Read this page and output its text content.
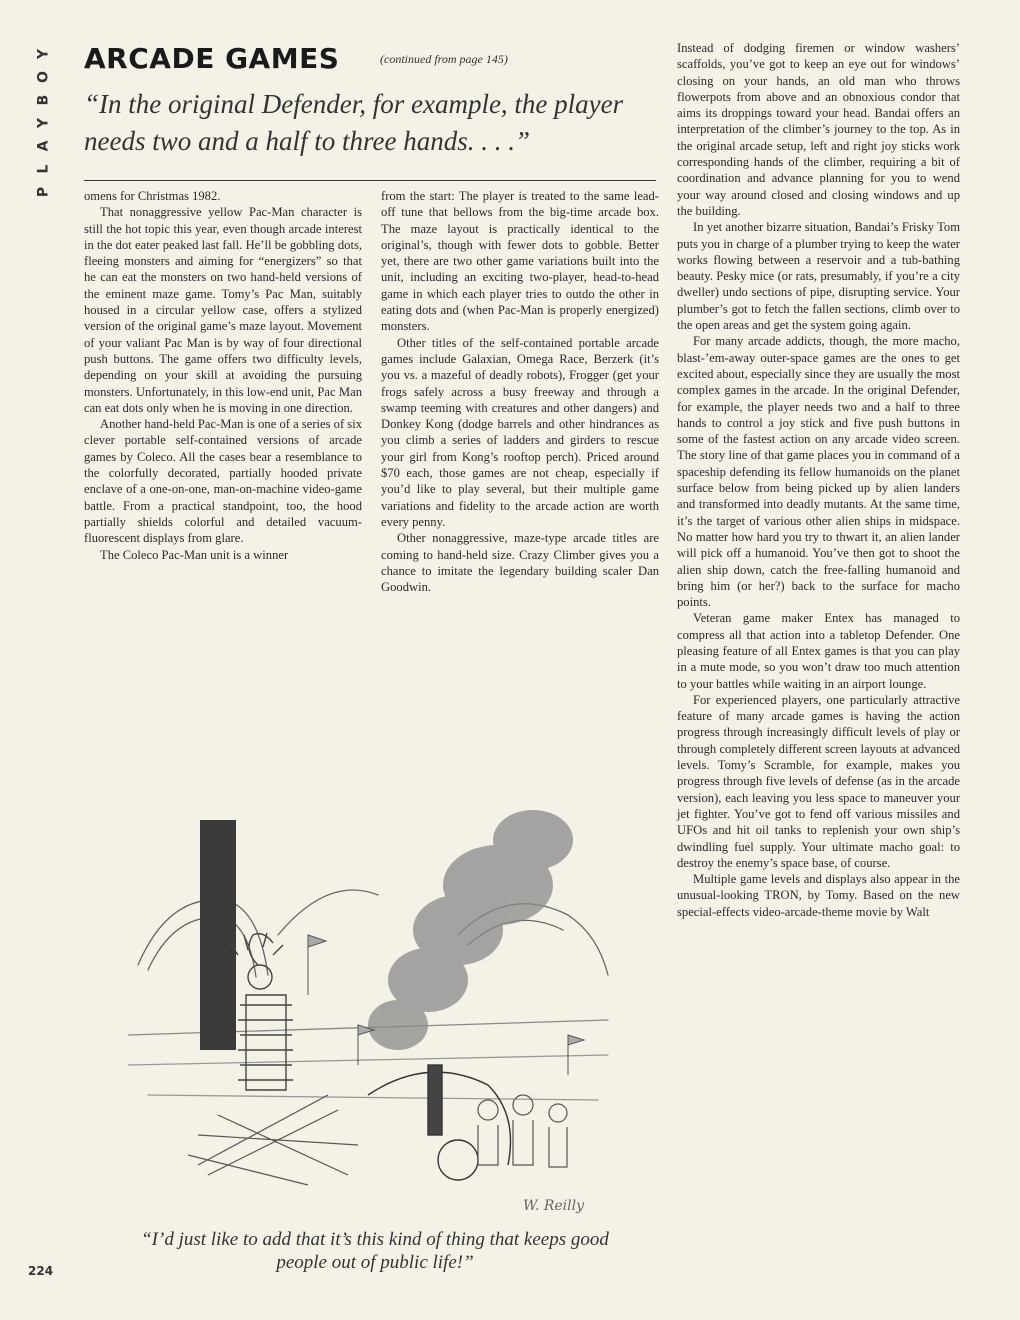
Y
O
B
Y
A
L
P
ARCADE GAMES	(continued from page 145)
“In the original Defender, for example, the player needs two and a half to three hands. . . .”

omens for Christmas 1982.

That nonaggressive yellow Pac-Man character is still the hot topic this year, even though arcade interest in the dot eater peaked last fall. He’ll be gobbling dots, fleeing monsters and aiming for “energizers” so that he can eat the monsters on two hand-held versions of the eminent maze game. Tomy’s Pac Man, suitably housed in a circular yellow case, offers a stylized version of the original game’s maze layout. Movement of your valiant Pac Man is by way of four directional push buttons. The game offers two difficulty levels, depending on your skill at avoiding the pursuing monsters. Unfortunately, in this low-end unit, Pac Man can eat dots only when he is moving in one direction.

Another hand-held Pac-Man is one of a series of six clever portable self-contained versions of arcade games by Coleco. All the cases bear a resemblance to the colorfully decorated, partially hooded private enclave of a one-on-one, man-on-machine video-game battle. From a practical standpoint, too, the hood partially shields colorful and detailed vacuum-fluorescent displays from glare.

The Coleco Pac-Man unit is a winner

from the start: The player is treated to the same lead-off tune that bellows from the big-time arcade box. The maze layout is practically identical to the original’s, though with fewer dots to gobble. Better yet, there are two other game variations built into the unit, including an exciting two-player, head-to-head game in which each player tries to outdo the other in eating dots and (when Pac-Man is properly energized) monsters.

Other titles of the self-contained portable arcade games include Galaxian, Omega Race, Berzerk (it’s you vs. a mazeful of deadly robots), Frogger (get your frogs safely across a busy freeway and through a swamp teeming with creatures and other dangers) and Donkey Kong (dodge barrels and other hindrances as you climb a series of ladders and girders to rescue your girl from Kong’s rooftop perch). Priced around $70 each, those games are not cheap, especially if you’d like to play several, but their multiple game variations and fidelity to the arcade action are worth every penny.

Other nonaggressive, maze-type arcade titles are coming to hand-held size. Crazy Climber gives you a chance to imitate the legendary building scaler Dan Goodwin.

Instead of dodging firemen or window washers’ scaffolds, you’ve got to keep an eye out for windows’ closing on your hands, an old man who throws flowerpots from above and an obnoxious condor that aims its droppings toward your head. Bandai offers an interpretation of the climber’s journey to the top. As in the original arcade setup, left and right joy sticks work corresponding hands of the climber, requiring a bit of coordination and advance planning for you to wend your way around closed and closing windows and up the building.

In yet another bizarre situation, Bandai’s Frisky Tom puts you in charge of a plumber trying to keep the water works flowing between a reservoir and a tub-bathing beauty. Pesky mice (or rats, presumably, if you’re a city dweller) undo sections of pipe, disrupting service. Your plumber’s got to fetch the fallen sections, climb over to the open areas and get the system going again.

For many arcade addicts, though, the more macho, blast-’em-away outer-space games are the ones to get excited about, especially since they are usually the most complex games in the arcade. In the original Defender, for example, the player needs two and a half to three hands to control a joy stick and five push buttons in some of the fastest action on any arcade video screen. The story line of that game places you in command of a spaceship defending its fellow humanoids on the planet surface below from being picked up by alien landers and transformed into deadly mutants. At the same time, it’s the target of various other alien ships in midspace. No matter how hard you try to thwart it, an alien lander will pick off a humanoid. You’ve then got to shoot the alien ship down, catch the free-falling humanoid and bring him (or her?) back to the surface for macho points.

Veteran game maker Entex has managed to compress all that action into a tabletop Defender. One pleasing feature of all Entex games is that you can play in a mute mode, so you won’t draw too much attention to your battles while waiting in an airport lounge.

For experienced players, one particularly attractive feature of many arcade games is having the action progress through increasingly difficult levels of play or through completely different screen layouts at advanced levels. Tomy’s Scramble, for example, makes you progress through five levels of defense (as in the arcade version), each leaving you less space to maneuver your jet fighter. You’ve got to fend off various missiles and UFOs and hit oil tanks to replenish your own ship’s dwindling fuel supply. Your ultimate macho goal: to destroy the enemy’s space base, of course.

Multiple game levels and displays also appear in the unusual-looking TRON, by Tomy. Based on the new special-effects video-arcade-theme movie by Walt

W. Reilly
“I’d just like to add that it’s this kind of thing that keeps good people out of public life!”
224
